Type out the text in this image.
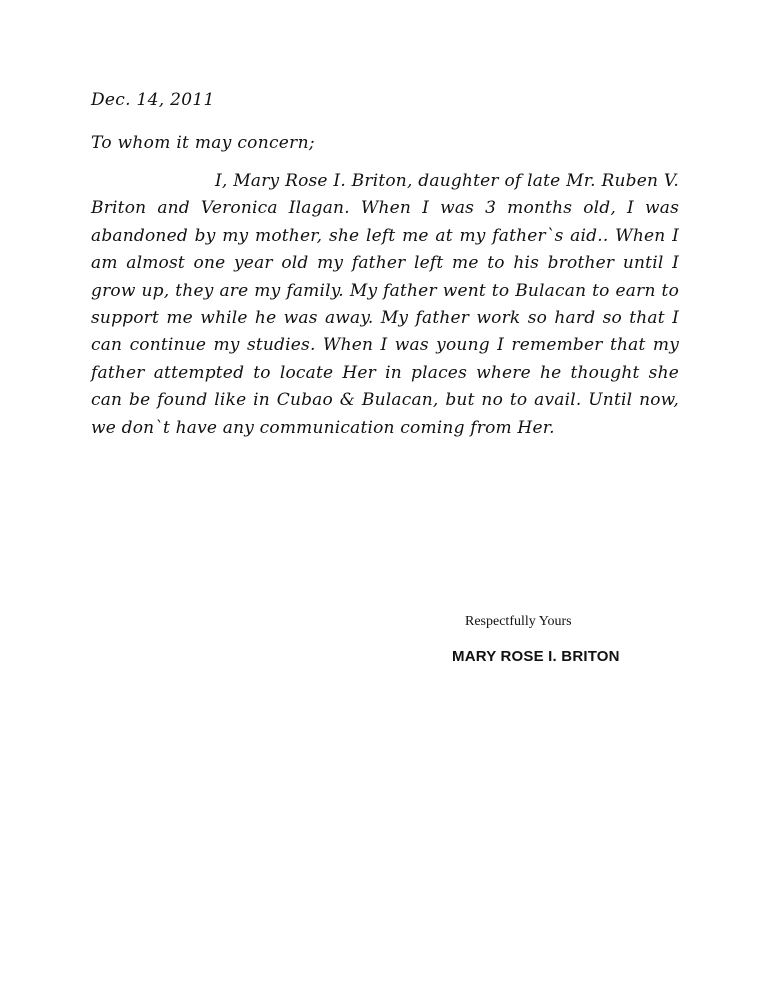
Dec. 14, 2011
To whom it may concern;

I, Mary Rose I. Briton, daughter of late Mr. Ruben V. Briton and Veronica Ilagan. When I was 3 months old, I was abandoned by my mother, she left me at my father`s aid.. When I am almost one year old my father left me to his brother until I grow up, they are my family. My father went to Bulacan to earn to support me while he was away. My father work so hard so that I can continue my studies. When I was young I remember that my father attempted to locate Her in places where he thought she can be found like in Cubao & Bulacan, but no to avail. Until now, we don`t have any communication coming from Her.

Respectfully Yours
MARY ROSE I. BRITON
